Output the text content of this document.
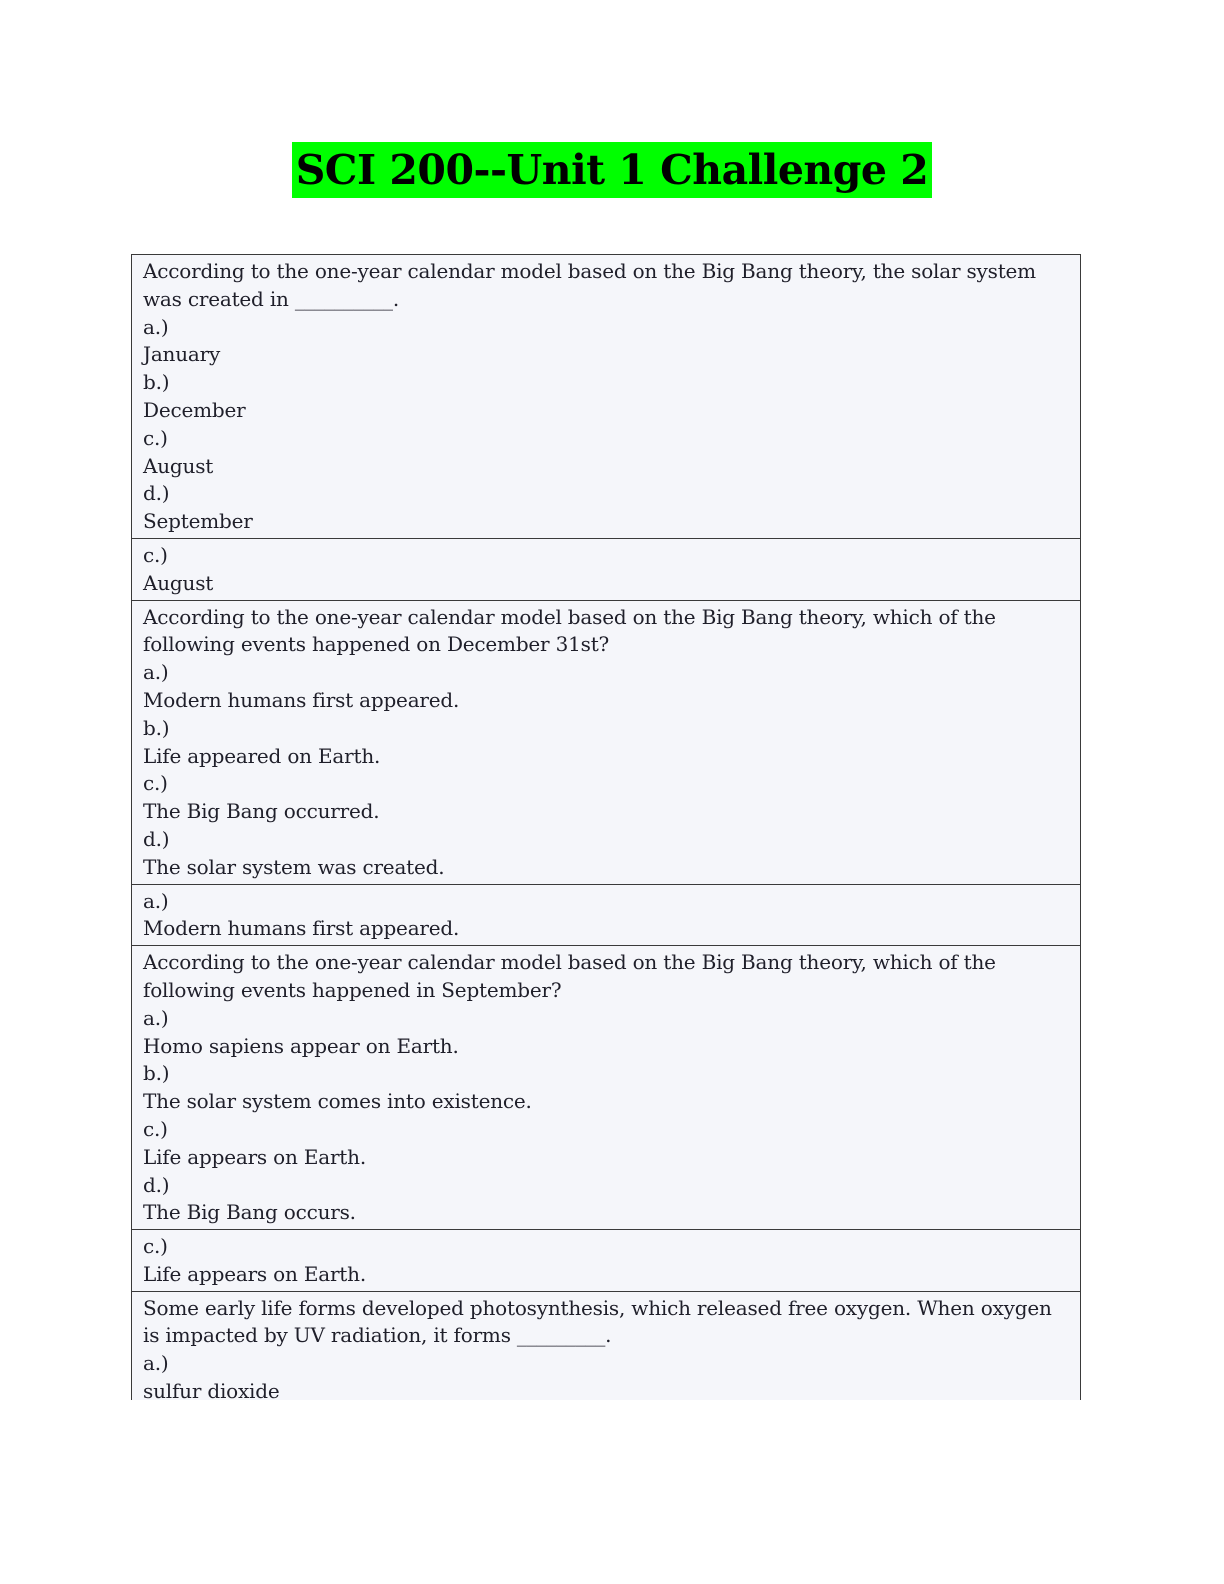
SCI 200--Unit 1 Challenge 2
According to the one-year calendar model based on the Big Bang theory, the solar system was created in __________.
a.)
January
b.)
December
c.)
August
d.)
September
c.)
August
According to the one-year calendar model based on the Big Bang theory, which of the following events happened on December 31st?
a.)
Modern humans first appeared.
b.)
Life appeared on Earth.
c.)
The Big Bang occurred.
d.)
The solar system was created.
a.)
Modern humans first appeared.
According to the one-year calendar model based on the Big Bang theory, which of the following events happened in September?
a.)
Homo sapiens appear on Earth.
b.)
The solar system comes into existence.
c.)
Life appears on Earth.
d.)
The Big Bang occurs.
c.)
Life appears on Earth.
Some early life forms developed photosynthesis, which released free oxygen. When oxygen is impacted by UV radiation, it forms _________.
a.)
sulfur dioxide
